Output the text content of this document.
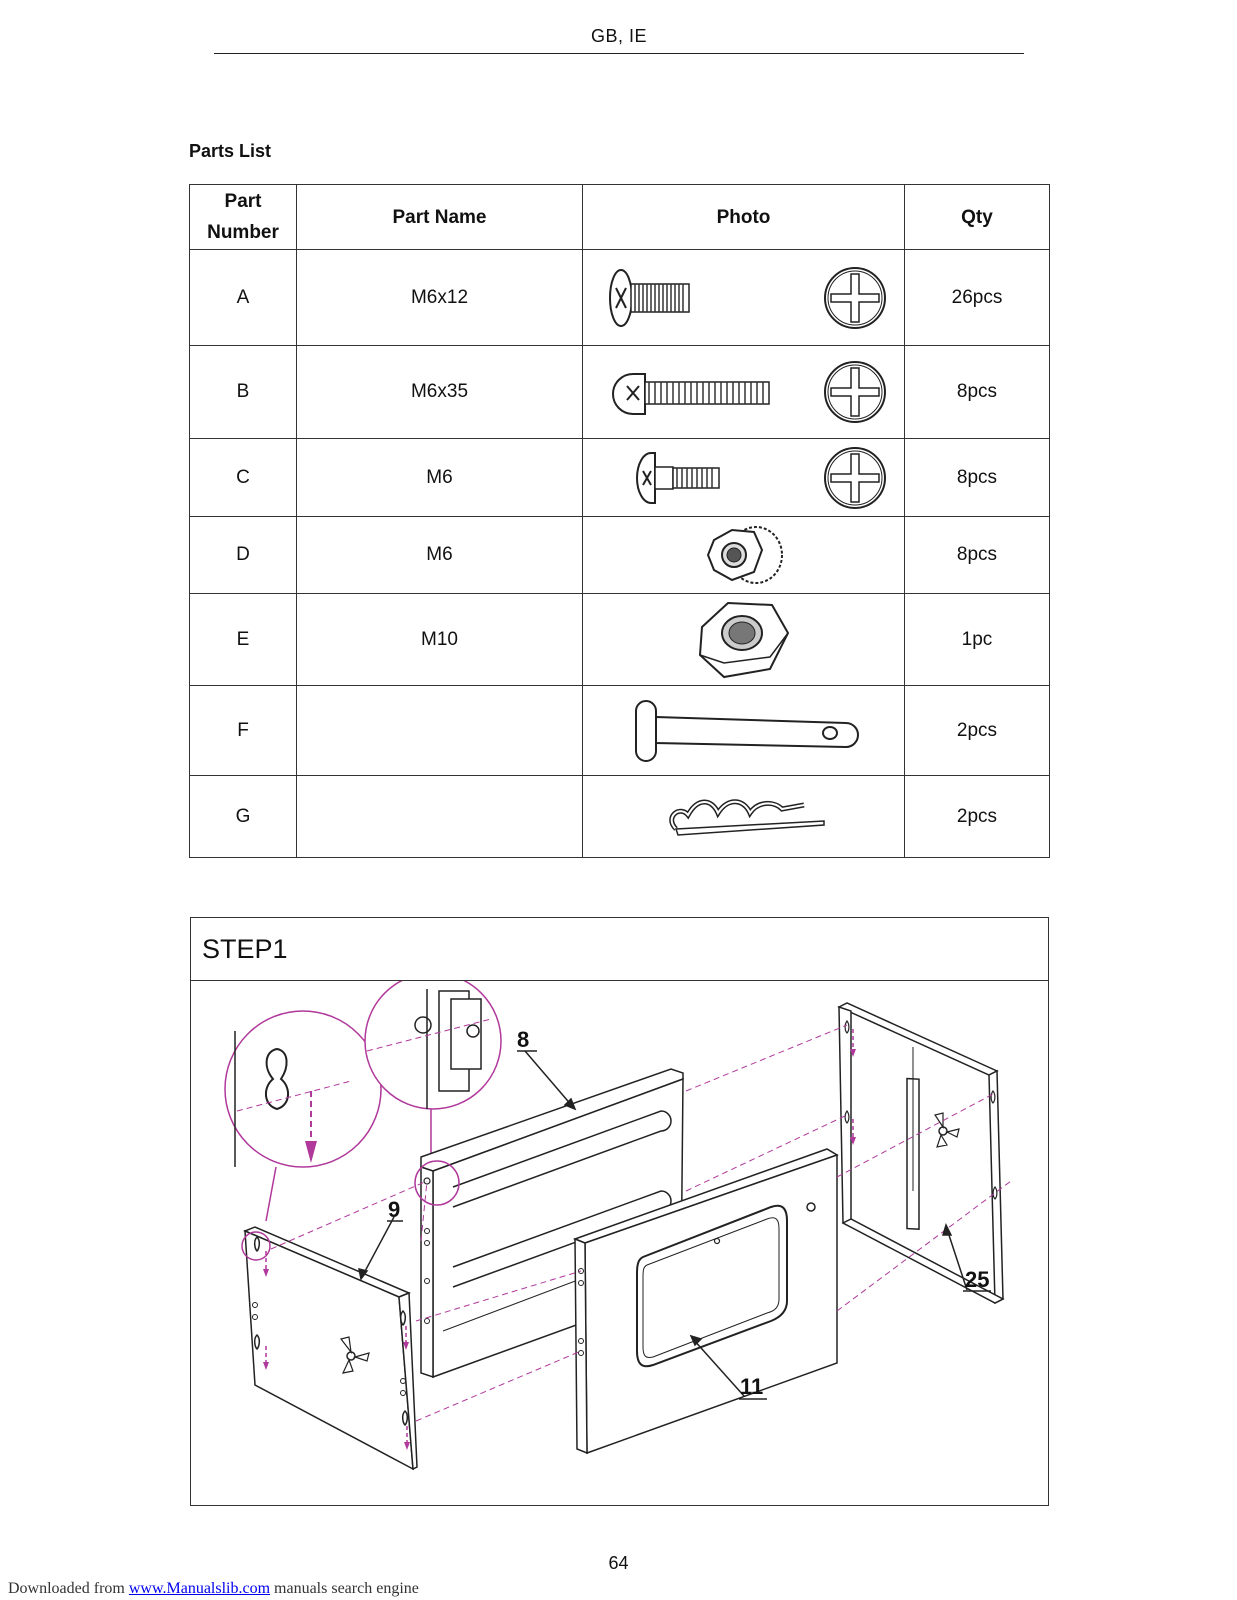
GB, IE
Parts List
Part
Number	Part Name	Photo	Qty
A	M6x12		26pcs
B	M6x35		8pcs
C	M6		8pcs
D	M6		8pcs
E	M10		1pc
F			2pcs
G			2pcs
STEP1
8
9
11
25
64
Downloaded from www.Manualslib.com manuals search engine
